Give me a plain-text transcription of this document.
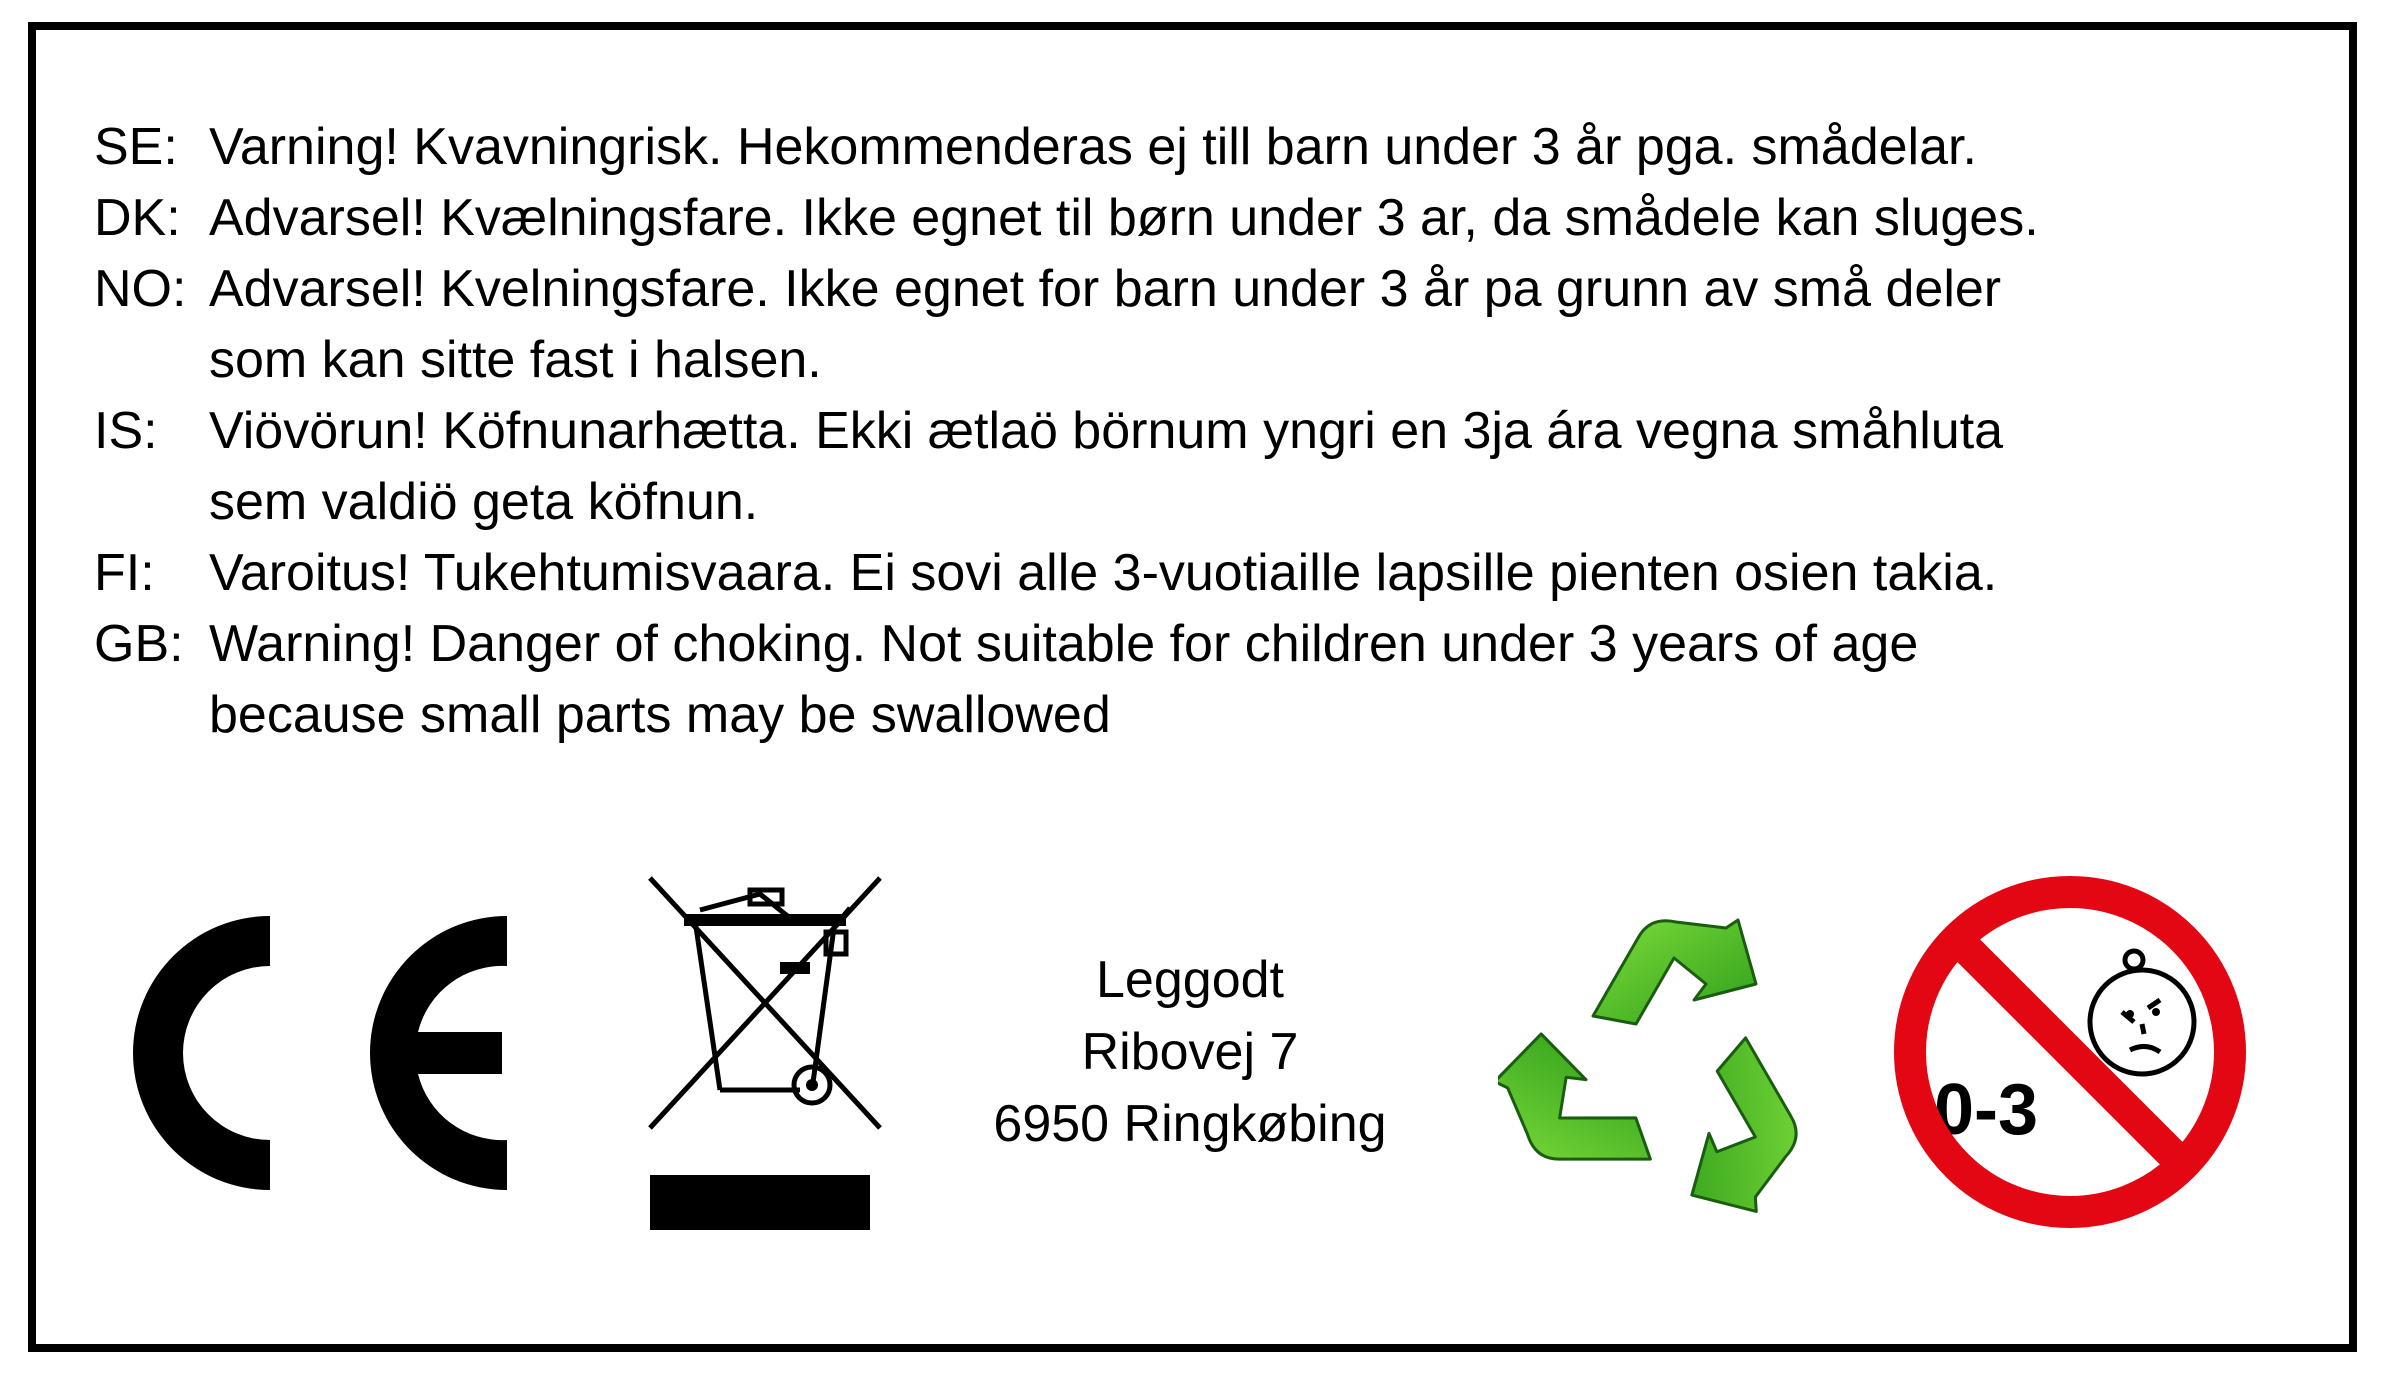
SE: Varning! Kvavningrisk. Hekommenderas ej till barn under 3 år pga. smådelar.
DK: Advarsel! Kvælningsfare. Ikke egnet til børn under 3 ar, da smådele kan sluges.
NO: Advarsel! Kvelningsfare. Ikke egnet for barn under 3 år pa grunn av små deler
som kan sitte fast i halsen.
IS: Viövörun! Köfnunarhætta. Ekki ætlaö börnum yngri en 3ja ára vegna småhluta
sem valdiö geta köfnun.
FI:	Varoitus! Tukehtumisvaara. Ei sovi alle 3-vuotiaille lapsille pienten osien takia.
GB: Warning! Danger of choking. Not suitable for children under 3 years of age
because small parts may be swallowed
Leggodt
Ribovej 7
6950 Ringkøbing	0-3
